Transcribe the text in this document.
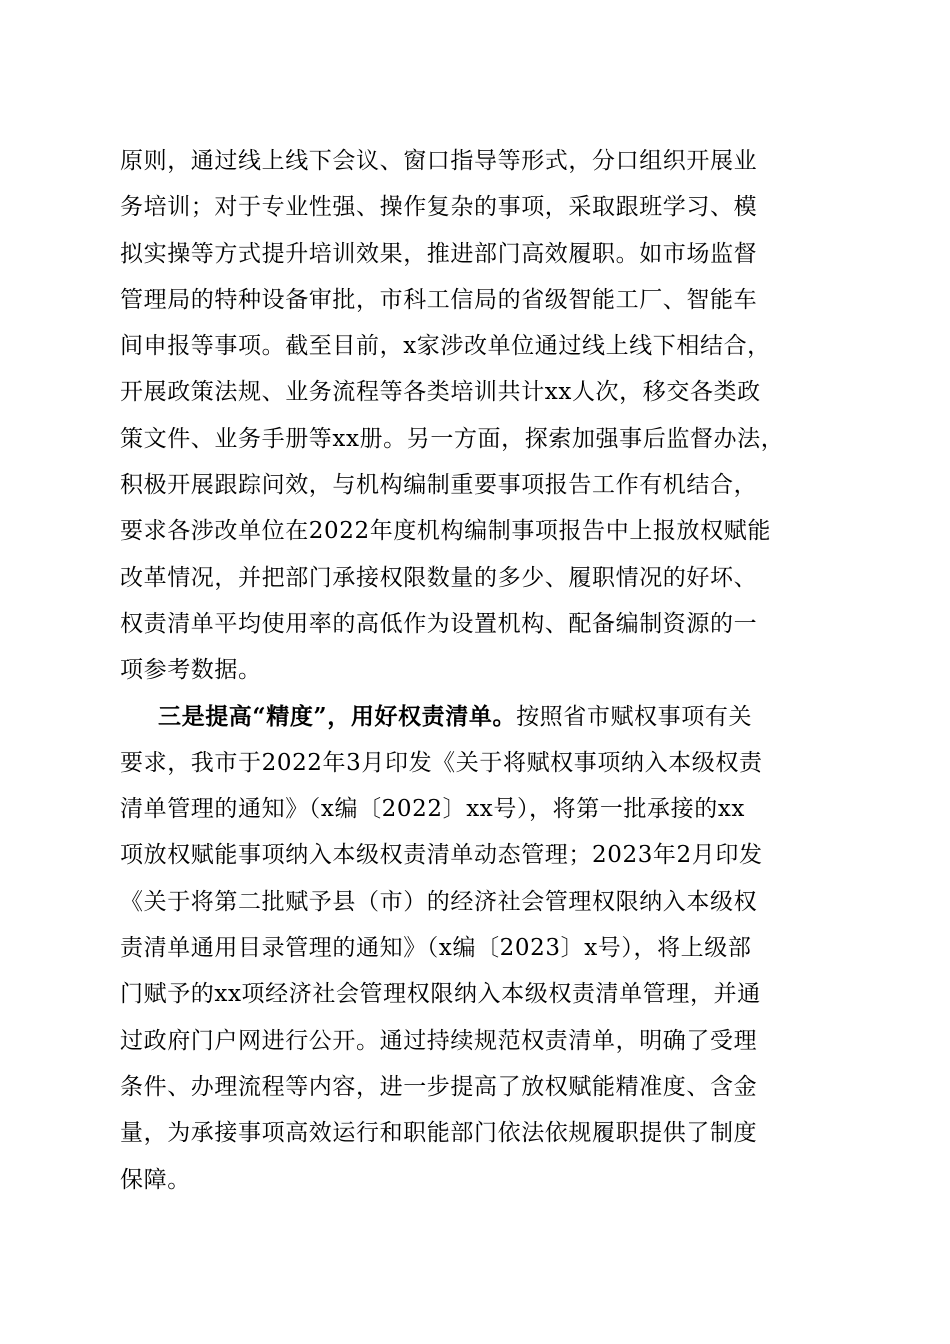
原则，通过线上线下会议、窗口指导等形式，分口组织开展业
务培训；对于专业性强、操作复杂的事项，采取跟班学习、模
拟实操等方式提升培训效果，推进部门高效履职。如市场监督
管理局的特种设备审批，市科工信局的省级智能工厂、智能车
间申报等事项。截至目前，x家涉改单位通过线上线下相结合，
开展政策法规、业务流程等各类培训共计xx人次，移交各类政
策文件、业务手册等xx册。另一方面，探索加强事后监督办法，
积极开展跟踪问效，与机构编制重要事项报告工作有机结合，
要求各涉改单位在2022年度机构编制事项报告中上报放权赋能
改革情况，并把部门承接权限数量的多少、履职情况的好坏、
权责清单平均使用率的高低作为设置机构、配备编制资源的一
项参考数据。
三是提高“精度”，用好权责清单。按照省市赋权事项有关
要求，我市于2022年3月印发《关于将赋权事项纳入本级权责
清单管理的通知》（x编〔2022〕xx号），将第一批承接的xx
项放权赋能事项纳入本级权责清单动态管理；2023年2月印发
《关于将第二批赋予县（市）的经济社会管理权限纳入本级权
责清单通用目录管理的通知》（x编〔2023〕x号），将上级部
门赋予的xx项经济社会管理权限纳入本级权责清单管理，并通
过政府门户网进行公开。通过持续规范权责清单，明确了受理
条件、办理流程等内容，进一步提高了放权赋能精准度、含金
量，为承接事项高效运行和职能部门依法依规履职提供了制度
保障。
